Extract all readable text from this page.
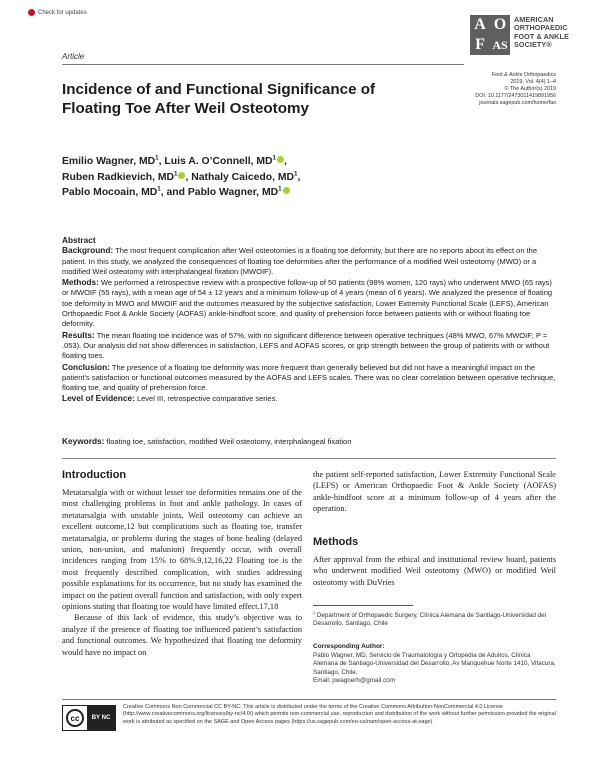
Check for updates
Article
A O
F AS
AMERICAN
ORTHOPAEDIC
FOOT & ANKLE
SOCIETY®
Foot & Ankle Orthopaedics
2019, Vol. 4(4) 1–4
© The Author(s) 2019
DOI: 10.1177/2473011419891956
journals.sagepub.com/home/fao
Incidence of and Functional Significance of Floating Toe After Weil Osteotomy
Emilio Wagner, $MD^1$, Luis A. O’Connell, $MD^1$ ,
Ruben Radkievich, $MD^1$ , Nathaly Caicedo, $MD^1$,
Pablo Mocoain, $MD^1$, and Pablo Wagner, $MD^1$
Abstract

Background: The most frequent complication after Weil osteotomies is a floating toe deformity, but there are no reports about its effect on the patient. In this study, we analyzed the consequences of floating toe deformities after the performance of a modified Weil osteotomy (MWO) or a modified Weil osteotomy with interphalangeal fixation (MWOIF).

Methods: We performed a retrospective review with a prospective follow-up of 50 patients (98% women, 120 rays) who underwent MWO (65 rays) or MWOIF (55 rays), with a mean age of 54 ± 12 years and a minimum follow-up of 4 years (mean of 6 years). We analyzed the presence of floating toe deformity in MWO and MWOIF and the outcomes measured by the subjective satisfaction, Lower Extremity Functional Scale (LEFS), American Orthopaedic Foot & Ankle Society (AOFAS) ankle-hindfoot score, and quality of prehension force between patients with or without floating toe deformity.

Results: The mean floating toe incidence was of 57%, with no significant difference between operative techniques (48% MWO, 67% MWOIF; P = .053). Our analysis did not show differences in satisfaction, LEFS and AOFAS scores, or grip strength between the group of patients with or without floating toes.

Conclusion: The presence of a floating toe deformity was more frequent than generally believed but did not have a meaningful impact on the patient’s satisfaction or functional outcomes measured by the AOFAS and LEFS scales. There was no clear correlation between operative technique, floating toe, and quality of prehension force.

Level of Evidence: Level III, retrospective comparative series.

Keywords: floating toe, satisfaction, modified Weil osteotomy, interphalangeal fixation
Introduction

Metatarsalgia with or without lesser toe deformities remains one of the most challenging problems in foot and ankle pathology. In cases of metatarsalgia with unstable joints, Weil osteotomy can achieve an excellent outcome,12 but complications such as floating toe, transfer metatarsalgia, or problems during the stages of bone healing (delayed union, non-union, and malunion) frequently occur, with overall incidences ranging from 15% to 68%.9,12,16,22 Floating toe is the most frequently described complication, with studies addressing possible explanations for its occurrence, but no study has examined the impact on the patient overall function and satisfaction, with only expert opinions stating that floating toe would have limited effect.17,18

Because of this lack of evidence, this study’s objective was to analyze if the presence of floating toe influenced patient’s satisfaction and functional outcomes. We hypothesized that floating toe deformity would have no impact on

the patient self-reported satisfaction, Lower Extremity Functional Scale (LEFS) or American Orthopaedic Foot & Ankle Society (AOFAS) ankle-hindfoot score at a minimum follow-up of 4 years after the operation.
Methods
After approval from the ethical and institutional review board, patients who underwent modified Weil osteotomy (MWO) or modified Weil osteotomy with DuVries
$^1$ Department of Orthopaedic Surgery, Clínica Alemana de Santiago-Universidad del Desarrollo, Santiago, Chile
Corresponding Author:
Pablo Wagner, MD, Servicio de Traumatología y Ortopedia de Adultos, Clínica Alemana de Santiago-Universidad del Desarrollo, Av Manquehue Norte 1410, Vitacura, Santiago, Chile.
Email: pwagnerh@gmail.com
cc	BY NC
Creative Commons Non Commercial CC BY-NC: This article is distributed under the terms of the Creative Commons Attribution-NonCommercial 4.0 License (http://www.creativecommons.org/licenses/by-nc/4.0/) which permits non-commercial use, reproduction and distribution of the work without further permission provided the original work is attributed as specified on the SAGE and Open Access pages (https://us.sagepub.com/en-us/nam/open-access-at-sage).
